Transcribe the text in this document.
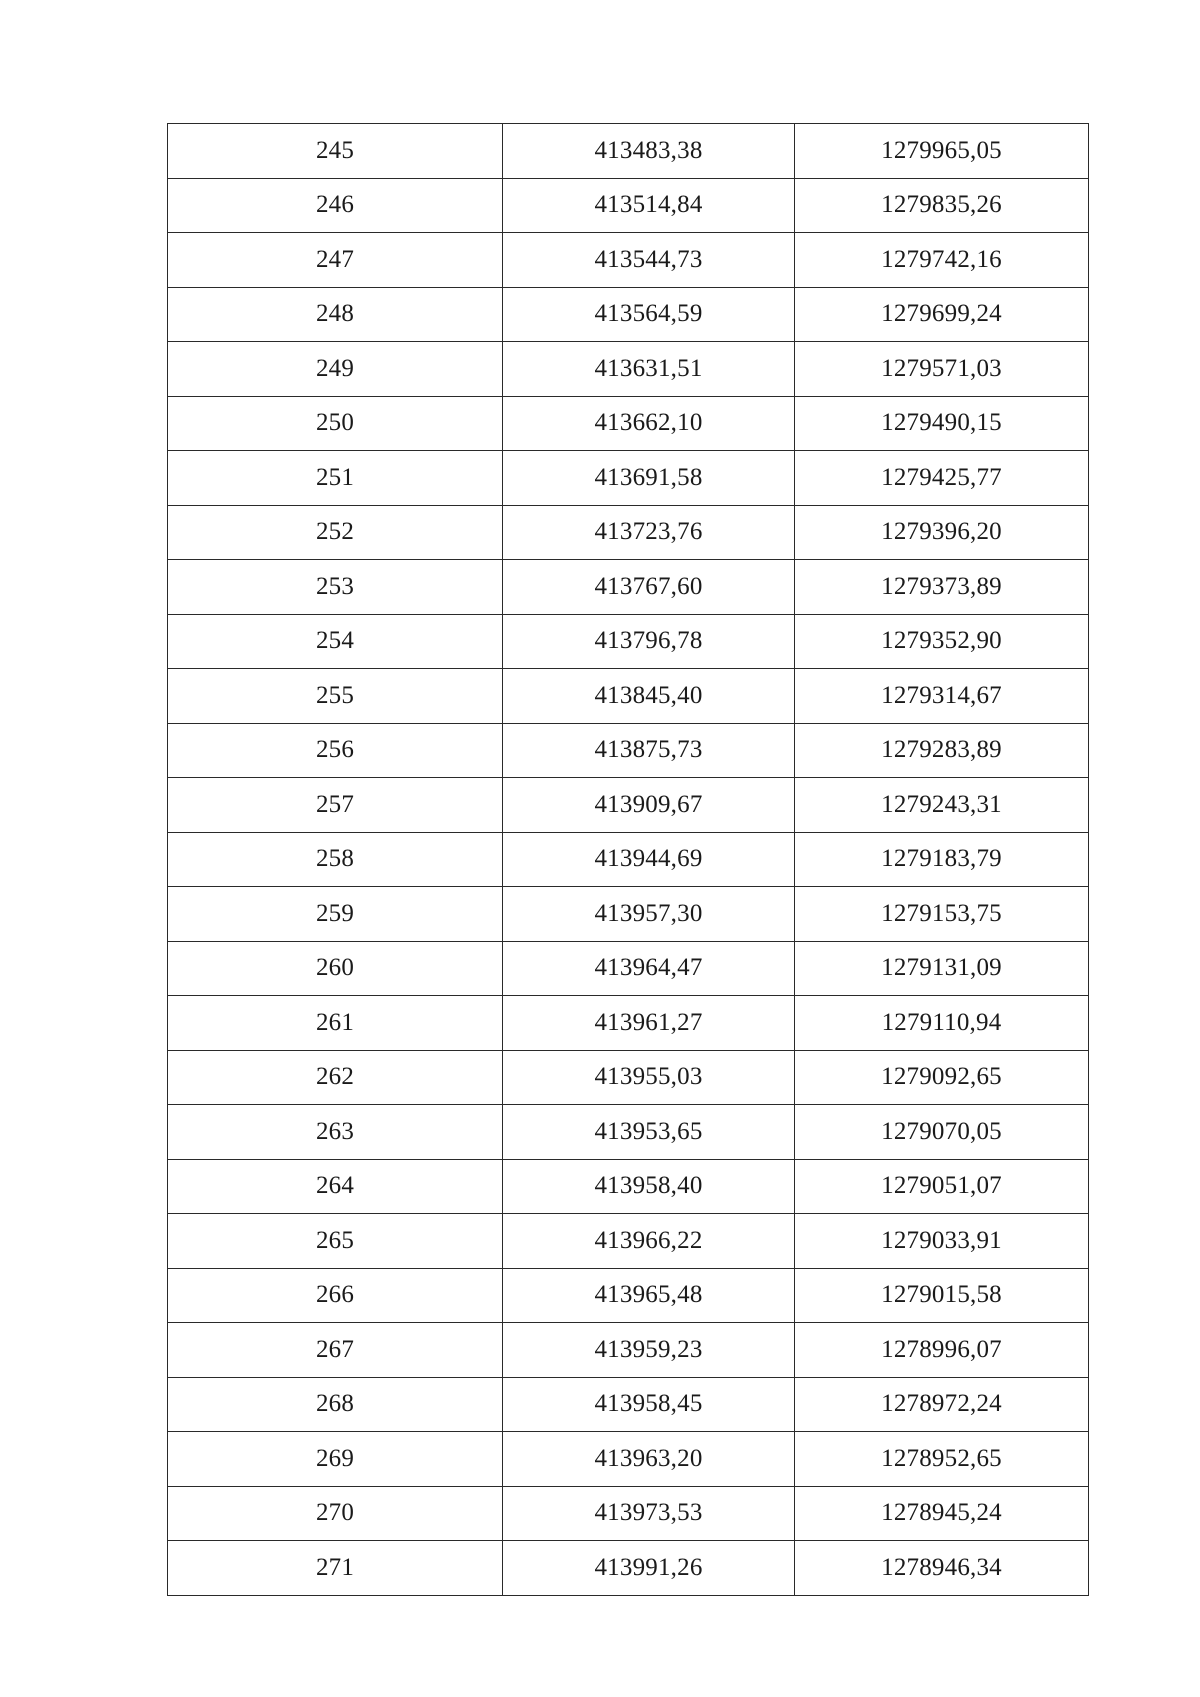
245	413483,38	1279965,05
246	413514,84	1279835,26
247	413544,73	1279742,16
248	413564,59	1279699,24
249	413631,51	1279571,03
250	413662,10	1279490,15
251	413691,58	1279425,77
252	413723,76	1279396,20
253	413767,60	1279373,89
254	413796,78	1279352,90
255	413845,40	1279314,67
256	413875,73	1279283,89
257	413909,67	1279243,31
258	413944,69	1279183,79
259	413957,30	1279153,75
260	413964,47	1279131,09
261	413961,27	1279110,94
262	413955,03	1279092,65
263	413953,65	1279070,05
264	413958,40	1279051,07
265	413966,22	1279033,91
266	413965,48	1279015,58
267	413959,23	1278996,07
268	413958,45	1278972,24
269	413963,20	1278952,65
270	413973,53	1278945,24
271	413991,26	1278946,34
